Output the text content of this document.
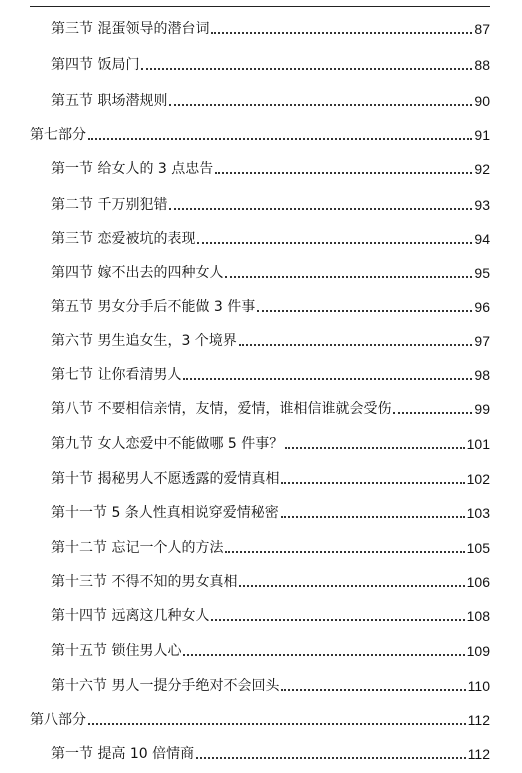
第三节 混蛋领导的潜台词	87
第四节 饭局门	88
第五节 职场潜规则	90
第七部分	91
第一节 给女人的 3 点忠告	92
第二节 千万别犯错	93
第三节 恋爱被坑的表现	94
第四节 嫁不出去的四种女人	95
第五节 男女分手后不能做 3 件事	96
第六节 男生追女生，3 个境界	97
第七节 让你看清男人	98
第八节 不要相信亲情，友情，爱情，谁相信谁就会受伤	99
第九节 女人恋爱中不能做哪 5 件事？	101
第十节 揭秘男人不愿透露的爱情真相	102
第十一节 5 条人性真相说穿爱情秘密	103
第十二节 忘记一个人的方法	105
第十三节 不得不知的男女真相	106
第十四节 远离这几种女人	108
第十五节 锁住男人心	109
第十六节 男人一提分手绝对不会回头	110
第八部分	112
第一节 提高 10 倍情商	112
